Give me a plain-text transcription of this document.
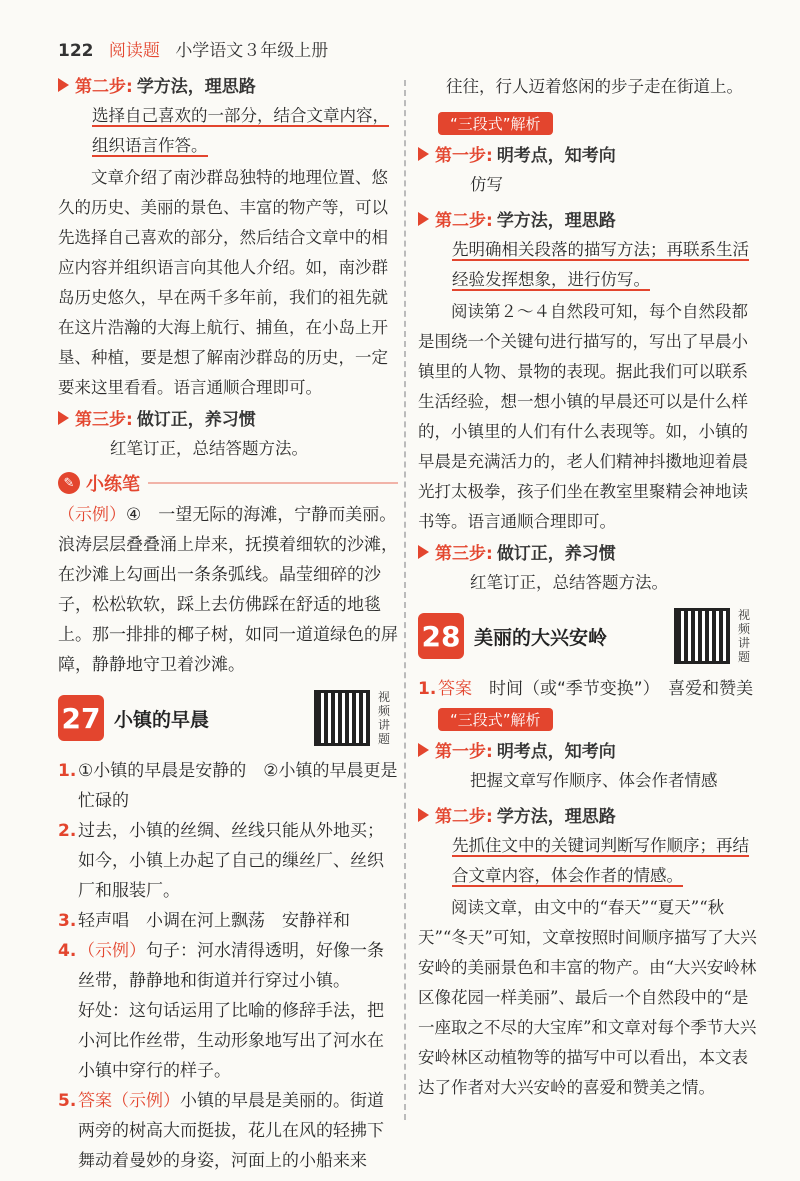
122 阅读题 小学语文３年级上册
第二步: 学方法，理思路
选择自己喜欢的一部分，结合文章内容，组织语言作答。

文章介绍了南沙群岛独特的地理位置、悠久的历史、美丽的景色、丰富的物产等，可以先选择自己喜欢的部分，然后结合文章中的相应内容并组织语言向其他人介绍。如，南沙群岛历史悠久，早在两千多年前，我们的祖先就在这片浩瀚的大海上航行、捕鱼，在小岛上开垦、种植，要是想了解南沙群岛的历史，一定要来这里看看。语言通顺合理即可。

第三步: 做订正，养习惯
红笔订正，总结答题方法。
✎ 小练笔
（示例）④　一望无际的海滩，宁静而美丽。浪涛层层叠叠涌上岸来，抚摸着细软的沙滩，在沙滩上勾画出一条条弧线。晶莹细碎的沙子，松松软软，踩上去仿佛踩在舒适的地毯上。那一排排的椰子树，如同一道道绿色的屏障，静静地守卫着沙滩。
27 小镇的早晨
视频讲题
1. ①小镇的早晨是安静的　②小镇的早晨更是忙碌的
2. 过去，小镇的丝绸、丝线只能从外地买；如今，小镇上办起了自己的缫丝厂、丝织厂和服装厂。
3. 轻声唱　小调在河上飘荡　安静祥和
4. （示例）句子：河水清得透明，好像一条丝带，静静地和街道并行穿过小镇。
好处：这句话运用了比喻的修辞手法，把小河比作丝带，生动形象地写出了河水在小镇中穿行的样子。
5. 答案（示例）小镇的早晨是美丽的。街道两旁的树高大而挺拔，花儿在风的轻拂下舞动着曼妙的身姿，河面上的小船来来
往往，行人迈着悠闲的步子走在街道上。
“三段式”解析
第一步: 明考点，知考向
仿写
第二步: 学方法，理思路
先明确相关段落的描写方法；再联系生活经验发挥想象，进行仿写。

阅读第２～４自然段可知，每个自然段都是围绕一个关键句进行描写的，写出了早晨小镇里的人物、景物的表现。据此我们可以联系生活经验，想一想小镇的早晨还可以是什么样的，小镇里的人们有什么表现等。如，小镇的早晨是充满活力的，老人们精神抖擞地迎着晨光打太极拳，孩子们坐在教室里聚精会神地读书等。语言通顺合理即可。

第三步: 做订正，养习惯
红笔订正，总结答题方法。
28 美丽的大兴安岭
视频讲题
1. 答案　 时间（或“季节变换”）　喜爱和赞美
“三段式”解析
第一步: 明考点，知考向
把握文章写作顺序、体会作者情感
第二步: 学方法，理思路
先抓住文中的关键词判断写作顺序；再结合文章内容，体会作者的情感。

阅读文章，由文中的“春天”“夏天”“秋天”“冬天”可知，文章按照时间顺序描写了大兴安岭的美丽景色和丰富的物产。由“大兴安岭林区像花园一样美丽”、最后一个自然段中的“是一座取之不尽的大宝库”和文章对每个季节大兴安岭林区动植物等的描写中可以看出，本文表达了作者对大兴安岭的喜爱和赞美之情。
